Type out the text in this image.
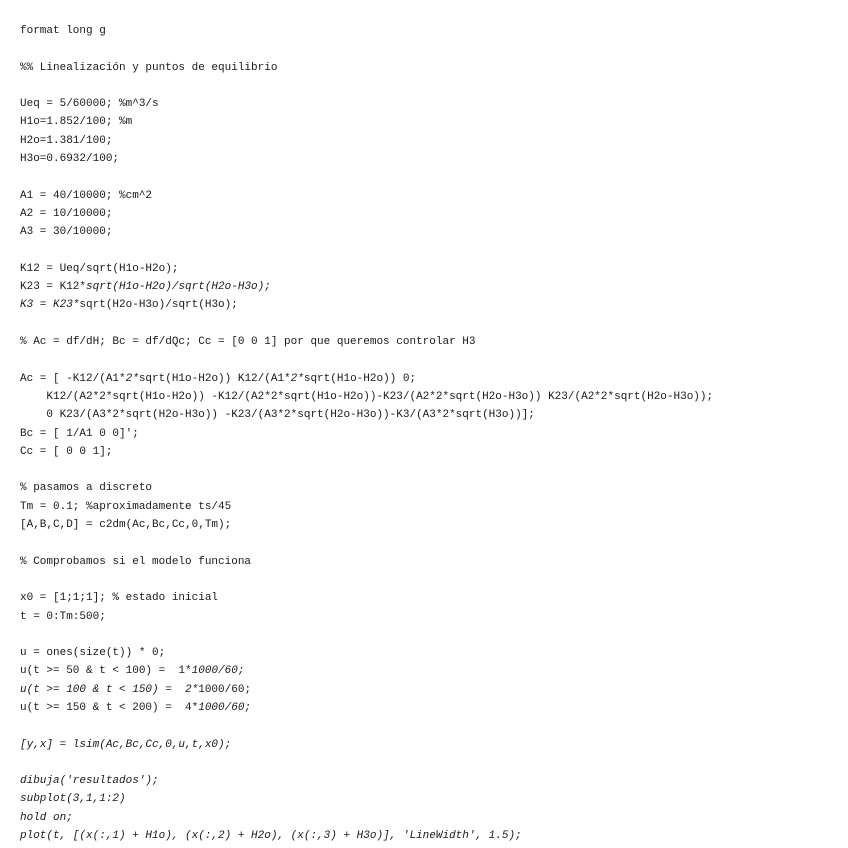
format long g
%% Linealización y puntos de equilibrio
Ueq = 5/60000; %m^3/s
H1o=1.852/100; %m
H2o=1.381/100;
H3o=0.6932/100;
A1 = 40/10000; %cm^2
A2 = 10/10000;
A3 = 30/10000;
K12 = Ueq/sqrt(H1o-H2o);
K23 = K12*sqrt(H1o-H2o)/sqrt(H2o-H3o);
K3 = K23*sqrt(H2o-H3o)/sqrt(H3o);
% Ac = df/dH; Bc = df/dQc; Cc = [0 0 1] por que queremos controlar H3
Ac = [ -K12/(A1*2*sqrt(H1o-H2o)) K12/(A1*2*sqrt(H1o-H2o)) 0;
K12/(A2*2*sqrt(H1o-H2o)) -K12/(A2*2*sqrt(H1o-H2o))-K23/(A2*2*sqrt(H2o-H3o)) K23/(A2*2*sqrt(H2o-H3o));
0 K23/(A3*2*sqrt(H2o-H3o)) -K23/(A3*2*sqrt(H2o-H3o))-K3/(A3*2*sqrt(H3o))];
Bc = [ 1/A1 0 0]';
Cc = [ 0 0 1];
% pasamos a discreto
Tm = 0.1; %aproximadamente ts/45
[A,B,C,D] = c2dm(Ac,Bc,Cc,0,Tm);
% Comprobamos si el modelo funciona
x0 = [1;1;1]; % estado inicial
t = 0:Tm:500;
u = ones(size(t)) * 0;
u(t >= 50 & t < 100) =  1*1000/60;
u(t >= 100 & t < 150) =  2*1000/60;
u(t >= 150 & t < 200) =  4*1000/60;
[y,x] = lsim(Ac,Bc,Cc,0,u,t,x0);
dibuja('resultados');
subplot(3,1,1:2)
hold on;
plot(t, [(x(:,1) + H1o), (x(:,2) + H2o), (x(:,3) + H3o)], 'LineWidth', 1.5);
